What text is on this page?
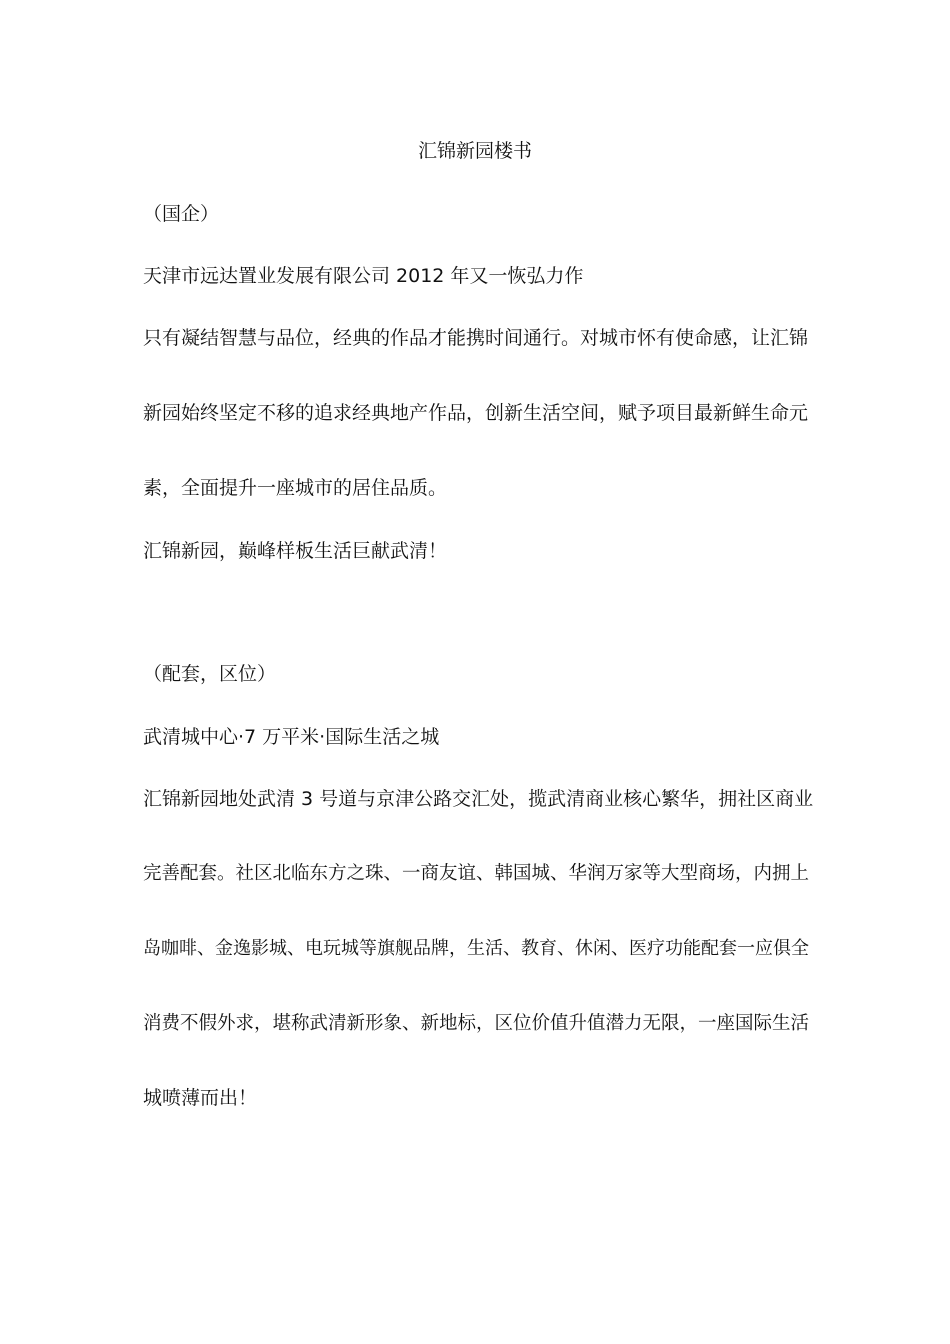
汇锦新园楼书
（国企）
天津市远达置业发展有限公司 2012 年又一恢弘力作
只有凝结智慧与品位，经典的作品才能携时间通行。对城市怀有使命感，让汇锦
新园始终坚定不移的追求经典地产作品，创新生活空间，赋予项目最新鲜生命元
素，全面提升一座城市的居住品质。
汇锦新园，巅峰样板生活巨献武清！
（配套，区位）
武清城中心·7 万平米·国际生活之城
汇锦新园地处武清 3 号道与京津公路交汇处，揽武清商业核心繁华，拥社区商业
完善配套。社区北临东方之珠、一商友谊、韩国城、华润万家等大型商场，内拥上
岛咖啡、金逸影城、电玩城等旗舰品牌，生活、教育、休闲、医疗功能配套一应俱全
消费不假外求，堪称武清新形象、新地标，区位价值升值潜力无限，一座国际生活
城喷薄而出！
